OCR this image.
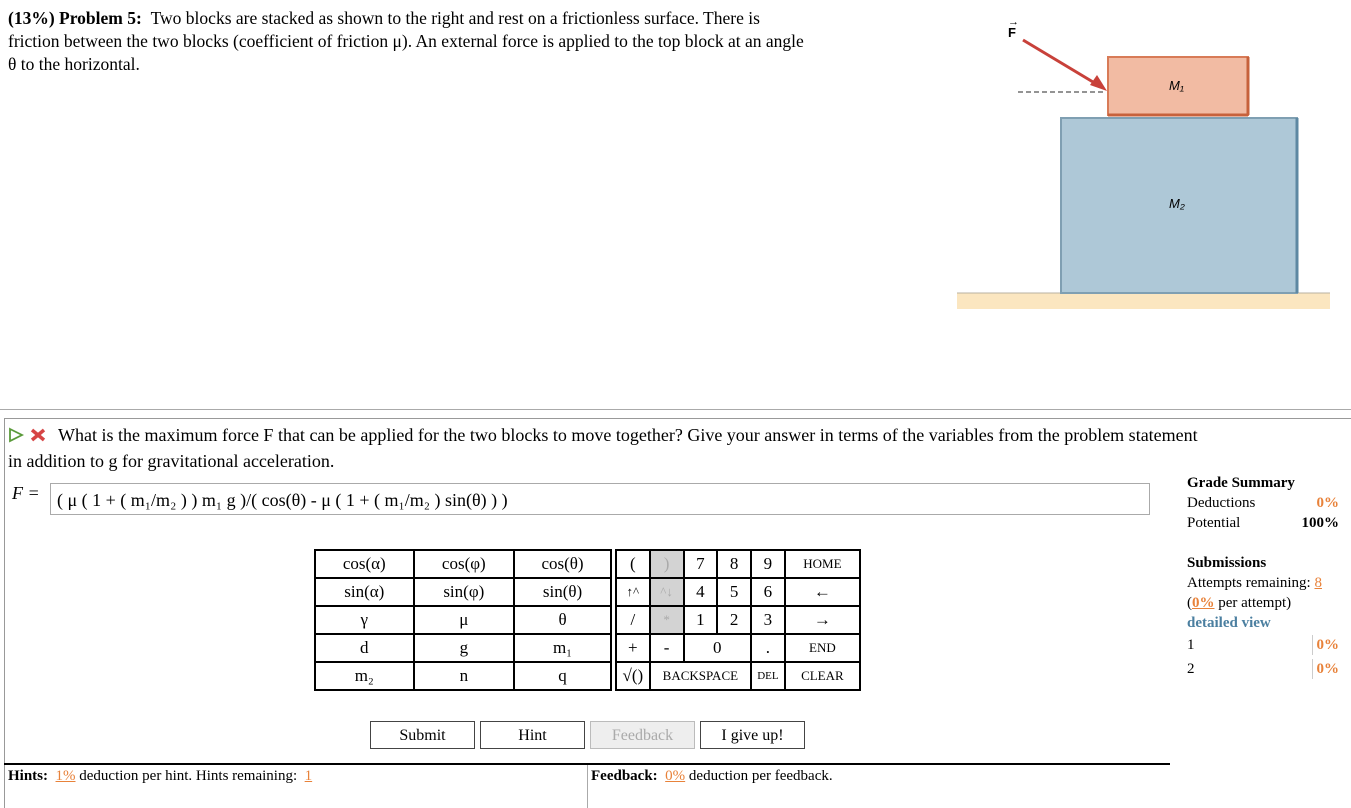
(13%) Problem 5: Two blocks are stacked as shown to the right and rest on a frictionless surface. There is
friction between the two blocks (coefficient of friction μ). An external force is applied to the top block at an angle
θ to the horizontal.
F
→
M₁
M₂
What is the maximum force F that can be applied for the two blocks to move together? Give your answer in terms of the variables from the problem statement
in addition to g for gravitational acceleration.
F = ( μ ( 1 + ( m₁/m₂ ) ) m₁ g )/( cos(θ) - μ ( 1 + ( m₁/m₂ ) sin(θ) ) )
cos(α)	cos(φ)	cos(θ)
sin(α)	sin(φ)	sin(θ)
γ	μ	θ
d	g	m₁
m₂	n	q
(	)	7	8	9	HOME
↑^	^↓	4	5	6	←
/	*	1	2	3	→
+	-	0		.	END
√()	BACKSPACE			DEL	CLEAR
Submit	Hint	Feedback	I give up!
Hints: 1% deduction per hint. Hints remaining: 1	Feedback: 0% deduction per feedback.
Grade Summary
Deductions	0%
Potential	100%
Submissions
Attempts remaining: 8
(0% per attempt)
detailed view
1	0%
2	0%
